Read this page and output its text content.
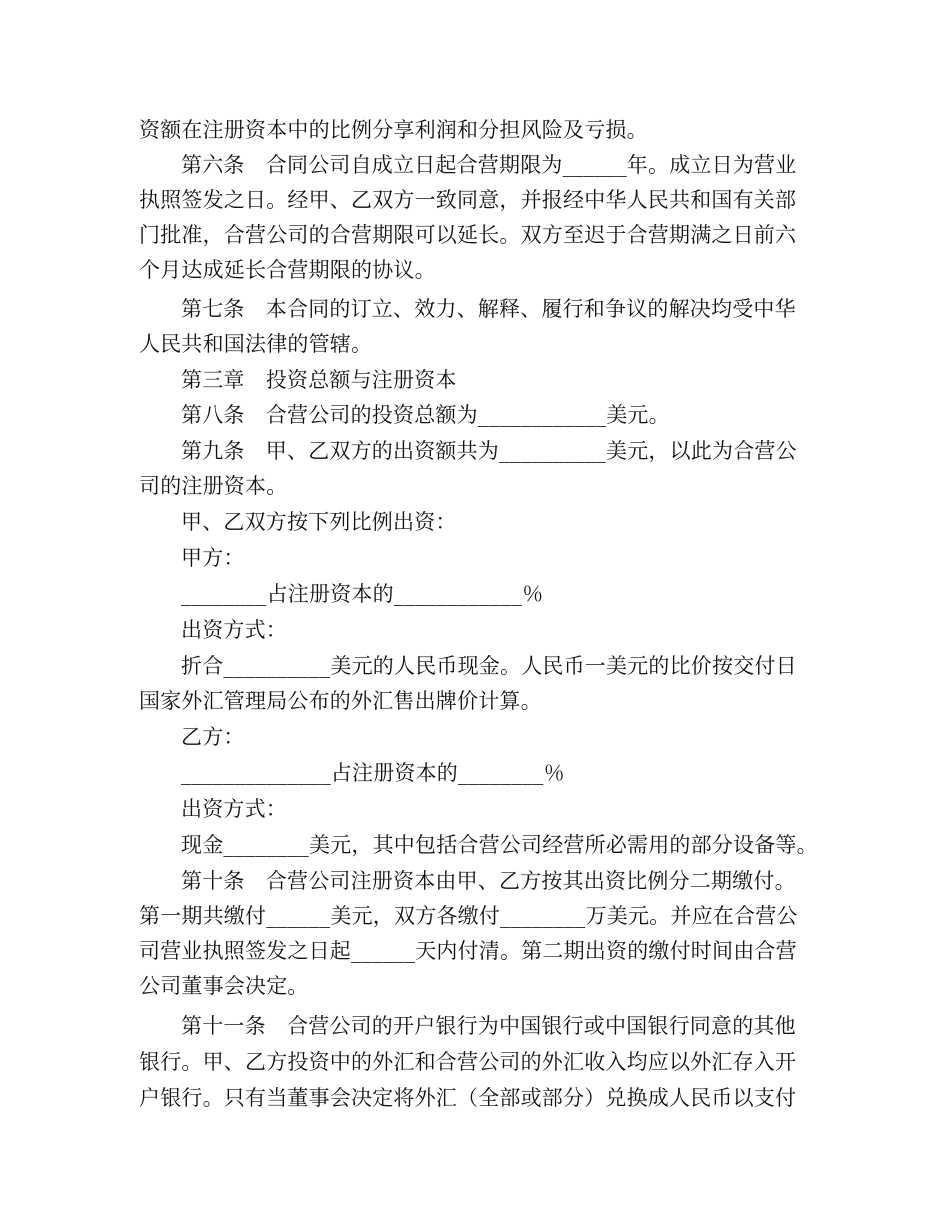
资额在注册资本中的比例分享利润和分担风险及亏损。
第六条　合同公司自成立日起合营期限为______年。成立日为营业
执照签发之日。经甲、乙双方一致同意，并报经中华人民共和国有关部
门批准，合营公司的合营期限可以延长。双方至迟于合营期满之日前六
个月达成延长合营期限的协议。
第七条　本合同的订立、效力、解释、履行和争议的解决均受中华
人民共和国法律的管辖。
第三章　投资总额与注册资本
第八条　合营公司的投资总额为____________美元。
第九条　甲、乙双方的出资额共为__________美元，以此为合营公
司的注册资本。
甲、乙双方按下列比例出资：
甲方：
________占注册资本的____________％
出资方式：
折合__________美元的人民币现金。人民币一美元的比价按交付日
国家外汇管理局公布的外汇售出牌价计算。
乙方：
______________占注册资本的________％
出资方式：
现金________美元，其中包括合营公司经营所必需用的部分设备等。
第十条　合营公司注册资本由甲、乙方按其出资比例分二期缴付。
第一期共缴付______美元，双方各缴付________万美元。并应在合营公
司营业执照签发之日起______天内付清。第二期出资的缴付时间由合营
公司董事会决定。
第十一条　合营公司的开户银行为中国银行或中国银行同意的其他
银行。甲、乙方投资中的外汇和合营公司的外汇收入均应以外汇存入开
户银行。只有当董事会决定将外汇（全部或部分）兑换成人民币以支付
